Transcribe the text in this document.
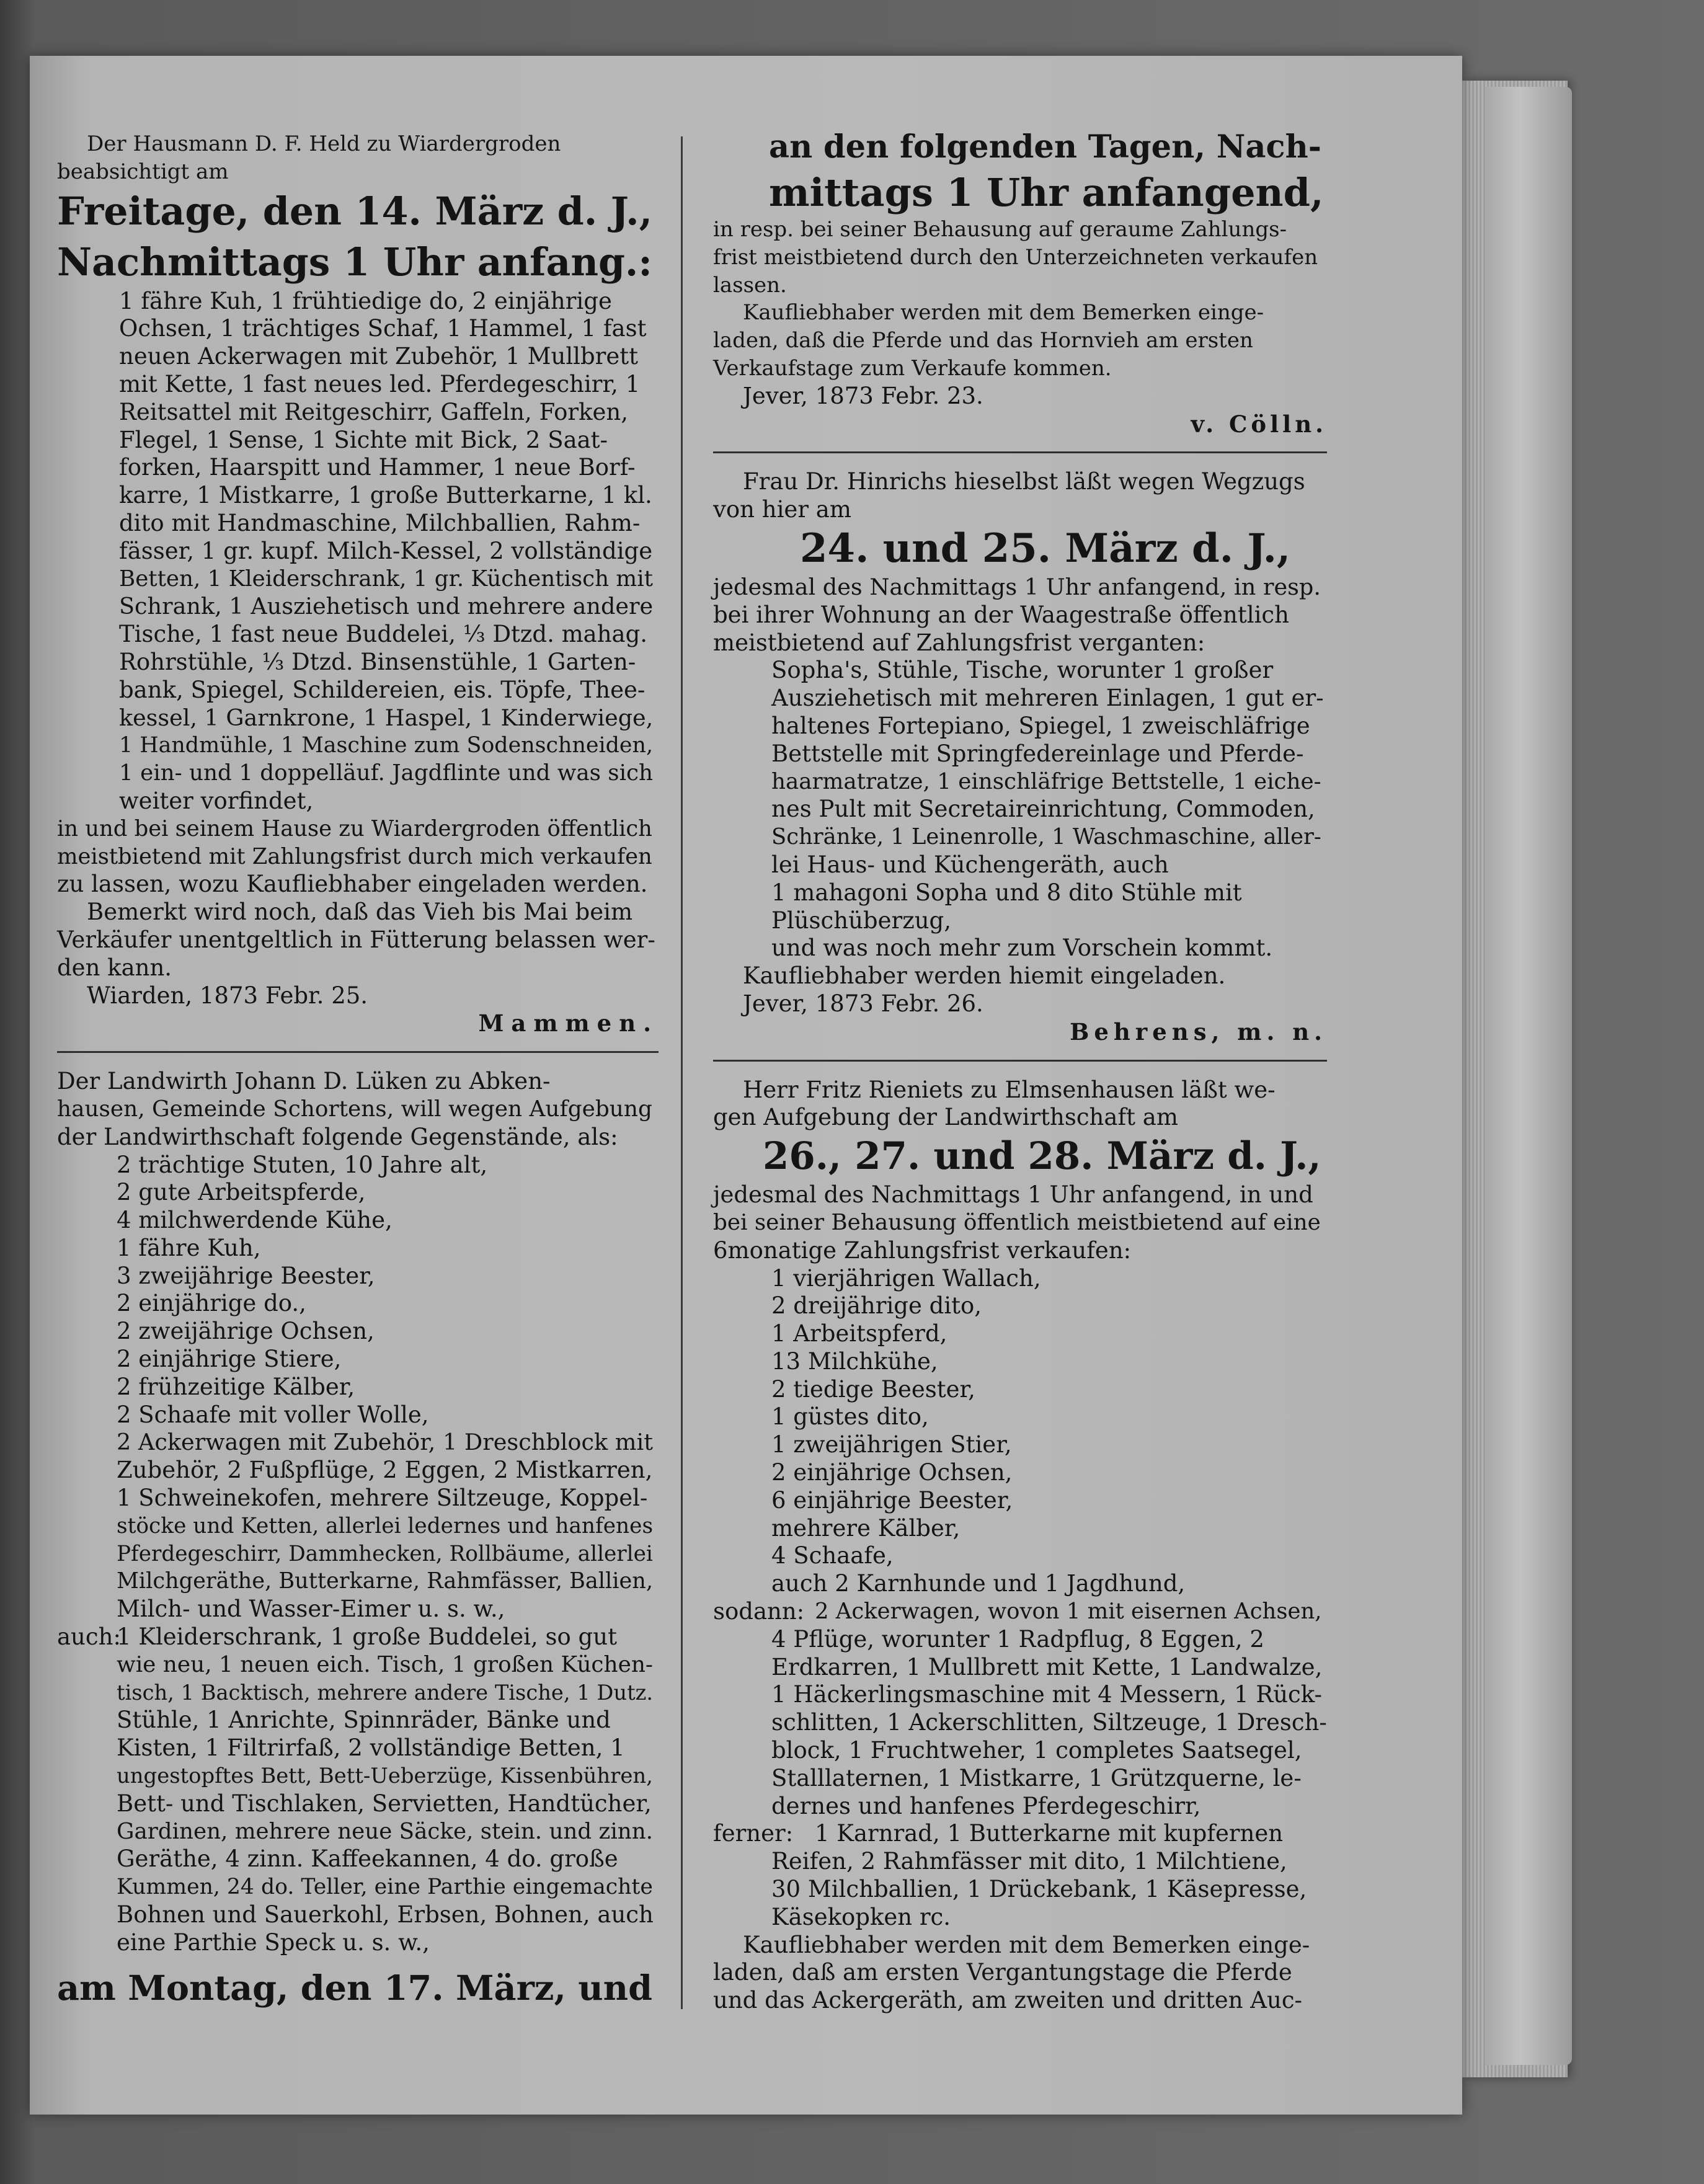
Der Hausmann D. F. Held zu Wiardergroden
beabsichtigt am
Freitage, den 14. März d. J.,
Nachmittags 1 Uhr anfang.:
1 fähre Kuh, 1 frühtiedige do, 2 einjährige
Ochsen, 1 trächtiges Schaf, 1 Hammel, 1 fast
neuen Ackerwagen mit Zubehör, 1 Mullbrett
mit Kette, 1 fast neues led. Pferdegeschirr, 1
Reitsattel mit Reitgeschirr, Gaffeln, Forken,
Flegel, 1 Sense, 1 Sichte mit Bick, 2 Saat-
forken, Haarspitt und Hammer, 1 neue Borf-
karre, 1 Mistkarre, 1 große Butterkarne, 1 kl.
dito mit Handmaschine, Milchballien, Rahm-
fässer, 1 gr. kupf. Milch-Kessel, 2 vollständige
Betten, 1 Kleiderschrank, 1 gr. Küchentisch mit
Schrank, 1 Ausziehetisch und mehrere andere
Tische, 1 fast neue Buddelei, ⅓ Dtzd. mahag.
Rohrstühle, ⅓ Dtzd. Binsenstühle, 1 Garten-
bank, Spiegel, Schildereien, eis. Töpfe, Thee-
kessel, 1 Garnkrone, 1 Haspel, 1 Kinderwiege,
1 Handmühle, 1 Maschine zum Sodenschneiden,
1 ein- und 1 doppelläuf. Jagdflinte und was sich
weiter vorfindet,
in und bei seinem Hause zu Wiardergroden öffentlich
meistbietend mit Zahlungsfrist durch mich verkaufen
zu lassen, wozu Kaufliebhaber eingeladen werden.
Bemerkt wird noch, daß das Vieh bis Mai beim
Verkäufer unentgeltlich in Fütterung belassen wer-
den kann.
Wiarden, 1873 Febr. 25.
Mammen.
Der Landwirth Johann D. Lüken zu Abken-
hausen, Gemeinde Schortens, will wegen Aufgebung
der Landwirthschaft folgende Gegenstände, als:
2 trächtige Stuten, 10 Jahre alt,
2 gute Arbeitspferde,
4 milchwerdende Kühe,
1 fähre Kuh,
3 zweijährige Beester,
2 einjährige do.,
2 zweijährige Ochsen,
2 einjährige Stiere,
2 frühzeitige Kälber,
2 Schaafe mit voller Wolle,
2 Ackerwagen mit Zubehör, 1 Dreschblock mit
Zubehör, 2 Fußpflüge, 2 Eggen, 2 Mistkarren,
1 Schweinekofen, mehrere Siltzeuge, Koppel-
stöcke und Ketten, allerlei ledernes und hanfenes
Pferdegeschirr, Dammhecken, Rollbäume, allerlei
Milchgeräthe, Butterkarne, Rahmfässer, Ballien,
Milch- und Wasser-Eimer u. s. w.,
auch:
1 Kleiderschrank, 1 große Buddelei, so gut
wie neu, 1 neuen eich. Tisch, 1 großen Küchen-
tisch, 1 Backtisch, mehrere andere Tische, 1 Dutz.
Stühle, 1 Anrichte, Spinnräder, Bänke und
Kisten, 1 Filtrirfaß, 2 vollständige Betten, 1
ungestopftes Bett, Bett-Ueberzüge, Kissenbühren,
Bett- und Tischlaken, Servietten, Handtücher,
Gardinen, mehrere neue Säcke, stein. und zinn.
Geräthe, 4 zinn. Kaffeekannen, 4 do. große
Kummen, 24 do. Teller, eine Parthie eingemachte
Bohnen und Sauerkohl, Erbsen, Bohnen, auch
eine Parthie Speck u. s. w.,
am Montag, den 17. März, und
an den folgenden Tagen, Nach-
mittags 1 Uhr anfangend,
in resp. bei seiner Behausung auf geraume Zahlungs-
frist meistbietend durch den Unterzeichneten verkaufen
lassen.
Kaufliebhaber werden mit dem Bemerken einge-
laden, daß die Pferde und das Hornvieh am ersten
Verkaufstage zum Verkaufe kommen.
Jever, 1873 Febr. 23.
v. Cölln.
Frau Dr. Hinrichs hieselbst läßt wegen Wegzugs
von hier am
24. und 25. März d. J.,
jedesmal des Nachmittags 1 Uhr anfangend, in resp.
bei ihrer Wohnung an der Waagestraße öffentlich
meistbietend auf Zahlungsfrist verganten:
Sopha's, Stühle, Tische, worunter 1 großer
Ausziehetisch mit mehreren Einlagen, 1 gut er-
haltenes Fortepiano, Spiegel, 1 zweischläfrige
Bettstelle mit Springfedereinlage und Pferde-
haarmatratze, 1 einschläfrige Bettstelle, 1 eiche-
nes Pult mit Secretaireinrichtung, Commoden,
Schränke, 1 Leinenrolle, 1 Waschmaschine, aller-
lei Haus- und Küchengeräth, auch
1 mahagoni Sopha und 8 dito Stühle mit
Plüschüberzug,
und was noch mehr zum Vorschein kommt.
Kaufliebhaber werden hiemit eingeladen.
Jever, 1873 Febr. 26.
Behrens, m. n.
Herr Fritz Rieniets zu Elmsenhausen läßt we-
gen Aufgebung der Landwirthschaft am
26., 27. und 28. März d. J.,
jedesmal des Nachmittags 1 Uhr anfangend, in und
bei seiner Behausung öffentlich meistbietend auf eine
6monatige Zahlungsfrist verkaufen:
1 vierjährigen Wallach,
2 dreijährige dito,
1 Arbeitspferd,
13 Milchkühe,
2 tiedige Beester,
1 güstes dito,
1 zweijährigen Stier,
2 einjährige Ochsen,
6 einjährige Beester,
mehrere Kälber,
4 Schaafe,
auch 2 Karnhunde und 1 Jagdhund,
sodann: 2 Ackerwagen, wovon 1 mit eisernen Achsen,
4 Pflüge, worunter 1 Radpflug, 8 Eggen, 2
Erdkarren, 1 Mullbrett mit Kette, 1 Landwalze,
1 Häckerlingsmaschine mit 4 Messern, 1 Rück-
schlitten, 1 Ackerschlitten, Siltzeuge, 1 Dresch-
block, 1 Fruchtweher, 1 completes Saatsegel,
Stalllaternen, 1 Mistkarre, 1 Grützquerne, le-
dernes und hanfenes Pferdegeschirr,
ferner: 1 Karnrad, 1 Butterkarne mit kupfernen
Reifen, 2 Rahmfässer mit dito, 1 Milchtiene,
30 Milchballien, 1 Drückebank, 1 Käsepresse,
Käsekopken rc.
Kaufliebhaber werden mit dem Bemerken einge-
laden, daß am ersten Vergantungstage die Pferde
und das Ackergeräth, am zweiten und dritten Auc-
